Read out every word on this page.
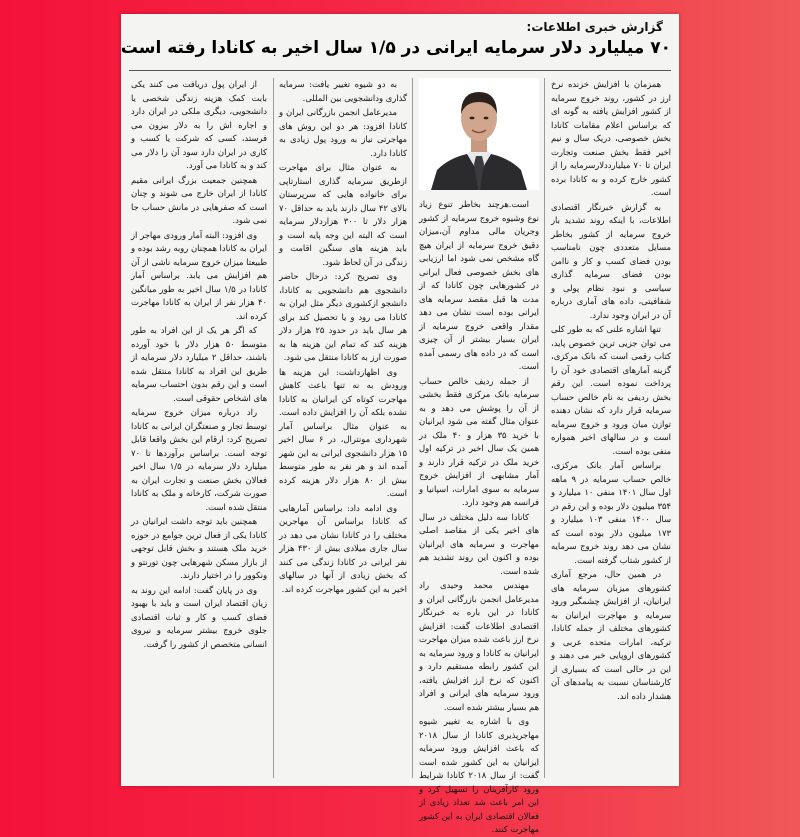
گزارش خبری اطلاعات:
۷۰ میلیارد دلار سرمایه ایرانی در ۱/۵ سال اخیر به کانادا رفته است

همزمان با افزایش خزنده نرخ ارز در کشور، روند خروج سرمایه از کشور افزایش یافته به گونه ای که براساس اعلام مقامات کانادا بخش خصوصی، دریک سال و نیم اخیر فقط بخش صنعت وتجارت ایران تا ۷۰ میلیارددلارسرمایه را از کشور خارج کرده و به کانادا برده است.

به گزارش خبرنگار اقتصادی اطلاعات، با اینکه روند تشدید بار خروج سرمایه از کشور بخاطر مسایل متعددی چون نامناسب بودن فضای کسب و کار و ناامن بودن فضای سرمایه گذاری سیاسی و نبود نظام پولی و شفافیتی، داده های آماری درباره آن در ایران وجود ندارد.

تنها اشاره علنی که به طور کلی می توان جزیی ترین خصوص پاید، کتاب رقمی است که بانک مرکزی، گزینه آمارهای اقتصادی خود آن را پرداخت نموده است. این رقم بخش ردیفی به نام خالص حساب سرمایه قرار دارد که نشان دهنده توازن میان ورود و خروج سرمایه است و در سالهای اخیر همواره منفی بوده است.

براساس آمار بانک مرکزی، خالص حساب سرمایه در ۹ ماهه اول سال ۱۴۰۱ منفی ۱۰ میلیارد و ۳۵۴ میلیون دلار بوده و این رقم در سال ۱۴۰۰ منفی ۱۰۳ میلیارد و ۱۷۳ میلیون دلار بوده است که نشان می دهد روند خروج سرمایه از کشور شتاب گرفته است.

در همین حال، مرجع آماری کشورهای میزبان سرمایه های ایرانیان، از افزایش چشمگیر ورود سرمایه و مهاجرت ایرانیان به کشورهای مختلف از جمله کانادا، ترکیه، امارات متحده عربی و کشورهای اروپایی خبر می دهند و این در حالی است که بسیاری از کارشناسان نسبت به پیامدهای آن هشدار داده اند.

است.هرچند بخاطر تنوع زیاد نوع وشیوه خروج سرمایه از کشور وجریان مالی مداوم آن،میزان دقیق خروج سرمایه از ایران هیچ گاه مشخص نمی شود اما ارزیابی های بخش خصوصی فعال ایرانی در کشورهایی چون کانادا که از مدت ها قبل مقصد سرمایه های ایرانی بوده است نشان می دهد مقدار واقعی خروج سرمایه از ایران بسیار بیشتر از آن چیزی است که در داده های رسمی آمده است.

از جمله ردیف خالص حساب سرمایه بانک مرکزی فقط بخشی از آن را پوشش می دهد و به عنوان مثال گفته می شود ایرانیان با خرید ۳۵ هزار و ۴۰ ملک در همین یک سال اخیر در ترکیه اول خرید ملک در ترکیه قرار دارند و آمار مشابهی از افزایش خروج سرمایه به سوی امارات، اسپانیا و فرانسه هم وجود دارد.

کانادا سه دلیل مختلف در سال های اخیر یکی از مقاصد اصلی مهاجرت و سرمایه های ایرانیان بوده و اکنون این روند تشدید هم شده است.

مهندس محمد وحیدی راد مدیرعامل انجمن بازرگانی ایران و کانادا در این باره به خبرنگار اقتصادی اطلاعات گفت: افزایش نرخ ارز باعث شده میزان مهاجرت ایرانیان به کانادا و ورود سرمایه به این کشور رابطه مستقیم دارد و اکنون که نرخ ارز افزایش یافته، ورود سرمایه های ایرانی و افراد هم بسیار بیشتر شده است.

وی با اشاره به تغییر شیوه مهاجرپذیری کانادا از سال ۲۰۱۸ که باعث افزایش ورود سرمایه ایرانیان به این کشور شده است گفت: از سال ۲۰۱۸ کانادا شرایط ورود کارآفرینان را تسهیل کرد و این امر باعث شد تعداد زیادی از فعالان اقتصادی ایران به این کشور مهاجرت کنند.

به دو شیوه تغییر یافت: سرمایه گذاری ودانشجویی بین المللی.

مدیرعامل انجمن بازرگانی ایران و کانادا افزود: هر دو این روش های مهاجرتی نیاز به ورود پول زیادی به کانادا دارد.

به عنوان مثال برای مهاجرت ازطریق سرمایه گذاری استارتاپی برای خانواده هایی که سرپرستان بالای ۴۲ سال دارند باید به حداقل ۷۰ هزار دلار تا ۳۰۰ هزاردلار سرمایه است که البته این وجه پایه است و باید هزینه های سنگین اقامت و زندگی در آن لحاظ شود.

وی تصریح کرد: درحال حاضر دانشجوی هم دانشجویی به کانادا، دانشجو ازکشوری دیگر مثل ایران به کانادا می رود و یا تحصیل کند برای هر سال باید در حدود ۲۵ هزار دلار هزینه کند که تمام این هزینه ها به صورت ارز به کانادا منتقل می شود.

وی اظهارداشت: این هزینه ها ورودش به نه تنها باعث کاهش مهاجرت کوتاه کن ایرانیان به کانادا نشده بلکه آن را افزایش داده است. به عنوان مثال براساس آمار شهرداری مونترال، در ۶ سال اخیر ۱۵ هزار دانشجوی ایرانی به این شهر آمده اند و هر نفر به طور متوسط بیش از ۸۰ هزار دلار هزینه کرده است.

وی ادامه داد: براساس آمارهایی که کانادا براساس آن مهاجرین مختلف را در کانادا نشان می دهد در سال جاری میلادی بیش از ۴۳۰ هزار نفر ایرانی در کانادا زندگی می کنند که بخش زیادی از آنها در سالهای اخیر به این کشور مهاجرت کرده اند.

از ایران پول دریافت می کنند یکی بابت کمک هزینه زندگی شخصی یا دانشجویی، دیگری ملکی در ایران دارد و اجاره اش را به دلار بیرون می فرستد، کسی که شرکت یا کسب و کاری در ایران دارد سود آن را دلار می کند و به کانادا می آورد.

همچنین جمعیت بزرگ ایرانی مقیم کانادا از ایران خارج می شوند و چنان است که صفرهایی در مانش حساب جا نمی شود.

وی افزود: البته آمار ورودی مهاجر از ایران به کانادا همچنان روبه رشد بوده و طبیعتا میزان خروج سرمایه ناشی از آن هم افزایش می یابد. براساس آمار کانادا در ۱/۵ سال اخیر به طور میانگین ۴۰ هزار نفر از ایران به کانادا مهاجرت کرده اند.

که اگر هر یک از این افراد به طور متوسط ۵۰ هزار دلار با خود آورده باشند، حداقل ۲ میلیارد دلار سرمایه از طریق این افراد به کانادا منتقل شده است و این رقم بدون احتساب سرمایه های اشخاص حقوقی است.

راد درباره میزان خروج سرمایه توسط تجار و صنعتگران ایرانی به کانادا تصریح کرد: ارقام این بخش واقعا قابل توجه است. براساس برآوردها تا ۷۰ میلیارد دلار سرمایه در ۱/۵ سال اخیر فعالان بخش صنعت و تجارت ایران به صورت شرکت، کارخانه و ملک به کانادا منتقل شده است.

همچنین باید توجه داشت ایرانیان در کانادا یکی از فعال ترین جوامع در حوزه خرید ملک هستند و بخش قابل توجهی از بازار مسکن شهرهایی چون تورنتو و ونکوور را در اختیار دارند.

وی در پایان گفت: ادامه این روند به زیان اقتصاد ایران است و باید با بهبود فضای کسب و کار و ثبات اقتصادی جلوی خروج بیشتر سرمایه و نیروی انسانی متخصص از کشور را گرفت.
